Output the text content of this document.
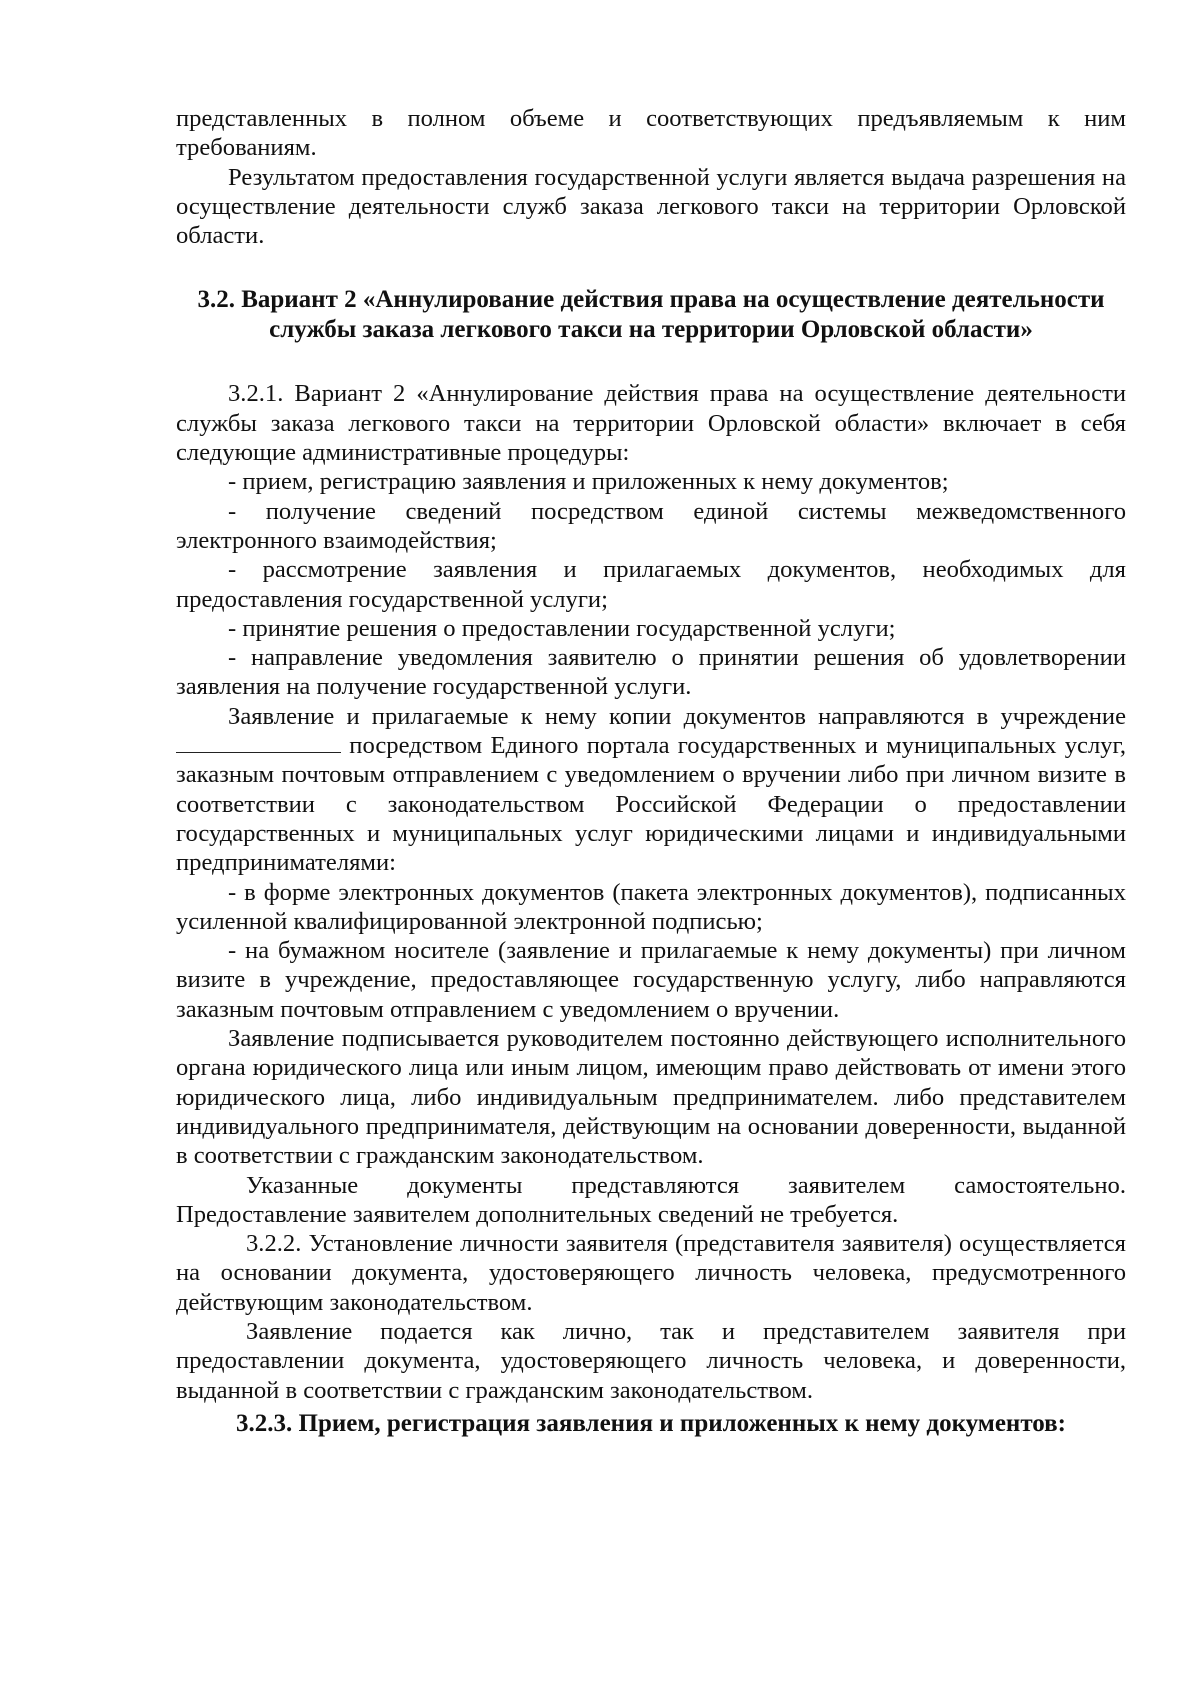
представленных в полном объеме и соответствующих предъявляемым к ним требованиям.

Результатом предоставления государственной услуги является выдача разрешения на осуществление деятельности служб заказа легкового такси на территории Орловской области.

3.2. Вариант 2 «Аннулирование действия права на осуществление деятельности службы заказа легкового такси на территории Орловской области»

3.2.1. Вариант 2 «Аннулирование действия права на осуществление деятельности службы заказа легкового такси на территории Орловской области» включает в себя следующие административные процедуры:

- прием, регистрацию заявления и приложенных к нему документов;

- получение сведений посредством единой системы межведомственного электронного взаимодействия;

- рассмотрение заявления и прилагаемых документов, необходимых для предоставления государственной услуги;

- принятие решения о предоставлении государственной услуги;

- направление уведомления заявителю о принятии решения об удовлетворении заявления на получение государственной услуги.

Заявление и прилагаемые к нему копии документов направляются в учреждение  посредством Единого портала государственных и муниципальных услуг, заказным почтовым отправлением с уведомлением о вручении либо при личном визите в соответствии с законодательством Российской Федерации о предоставлении государственных и муниципальных услуг юридическими лицами и индивидуальными предпринимателями:

- в форме электронных документов (пакета электронных документов), подписанных усиленной квалифицированной электронной подписью;

- на бумажном носителе (заявление и прилагаемые к нему документы) при личном визите в учреждение, предоставляющее государственную услугу, либо направляются заказным почтовым отправлением с уведомлением о вручении.

Заявление подписывается руководителем постоянно действующего исполнительного органа юридического лица или иным лицом, имеющим право действовать от имени этого юридического лица, либо индивидуальным предпринимателем. либо представителем индивидуального предпринимателя, действующим на основании доверенности, выданной в соответствии с гражданским законодательством.

Указанные документы представляются заявителем самостоятельно. Предоставление заявителем дополнительных сведений не требуется.

3.2.2. Установление личности заявителя (представителя заявителя) осуществляется на основании документа, удостоверяющего личность человека, предусмотренного действующим законодательством.

Заявление подается как лично, так и представителем заявителя при предоставлении документа, удостоверяющего личность человека, и доверенности, выданной в соответствии с гражданским законодательством.

3.2.3. Прием, регистрация заявления и приложенных к нему документов:
